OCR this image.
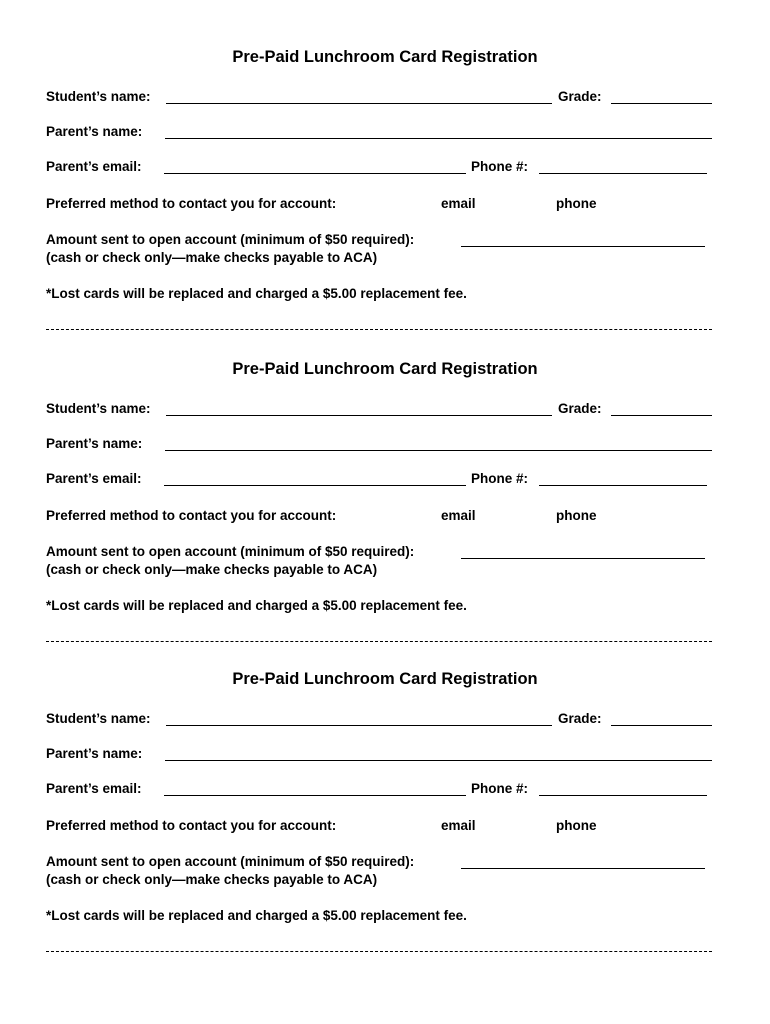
Pre-Paid Lunchroom Card Registration
Student’s name:	Grade:
Parent’s name:
Parent’s email:	Phone #:
Preferred method to contact you for account:	email	phone
Amount sent to open account (minimum of $50 required):
(cash or check only—make checks payable to ACA)
*Lost cards will be replaced and charged a $5.00 replacement fee.
Pre-Paid Lunchroom Card Registration
Student’s name:	Grade:
Parent’s name:
Parent’s email:	Phone #:
Preferred method to contact you for account:	email	phone
Amount sent to open account (minimum of $50 required):
(cash or check only—make checks payable to ACA)
*Lost cards will be replaced and charged a $5.00 replacement fee.
Pre-Paid Lunchroom Card Registration
Student’s name:	Grade:
Parent’s name:
Parent’s email:	Phone #:
Preferred method to contact you for account:	email	phone
Amount sent to open account (minimum of $50 required):
(cash or check only—make checks payable to ACA)
*Lost cards will be replaced and charged a $5.00 replacement fee.
